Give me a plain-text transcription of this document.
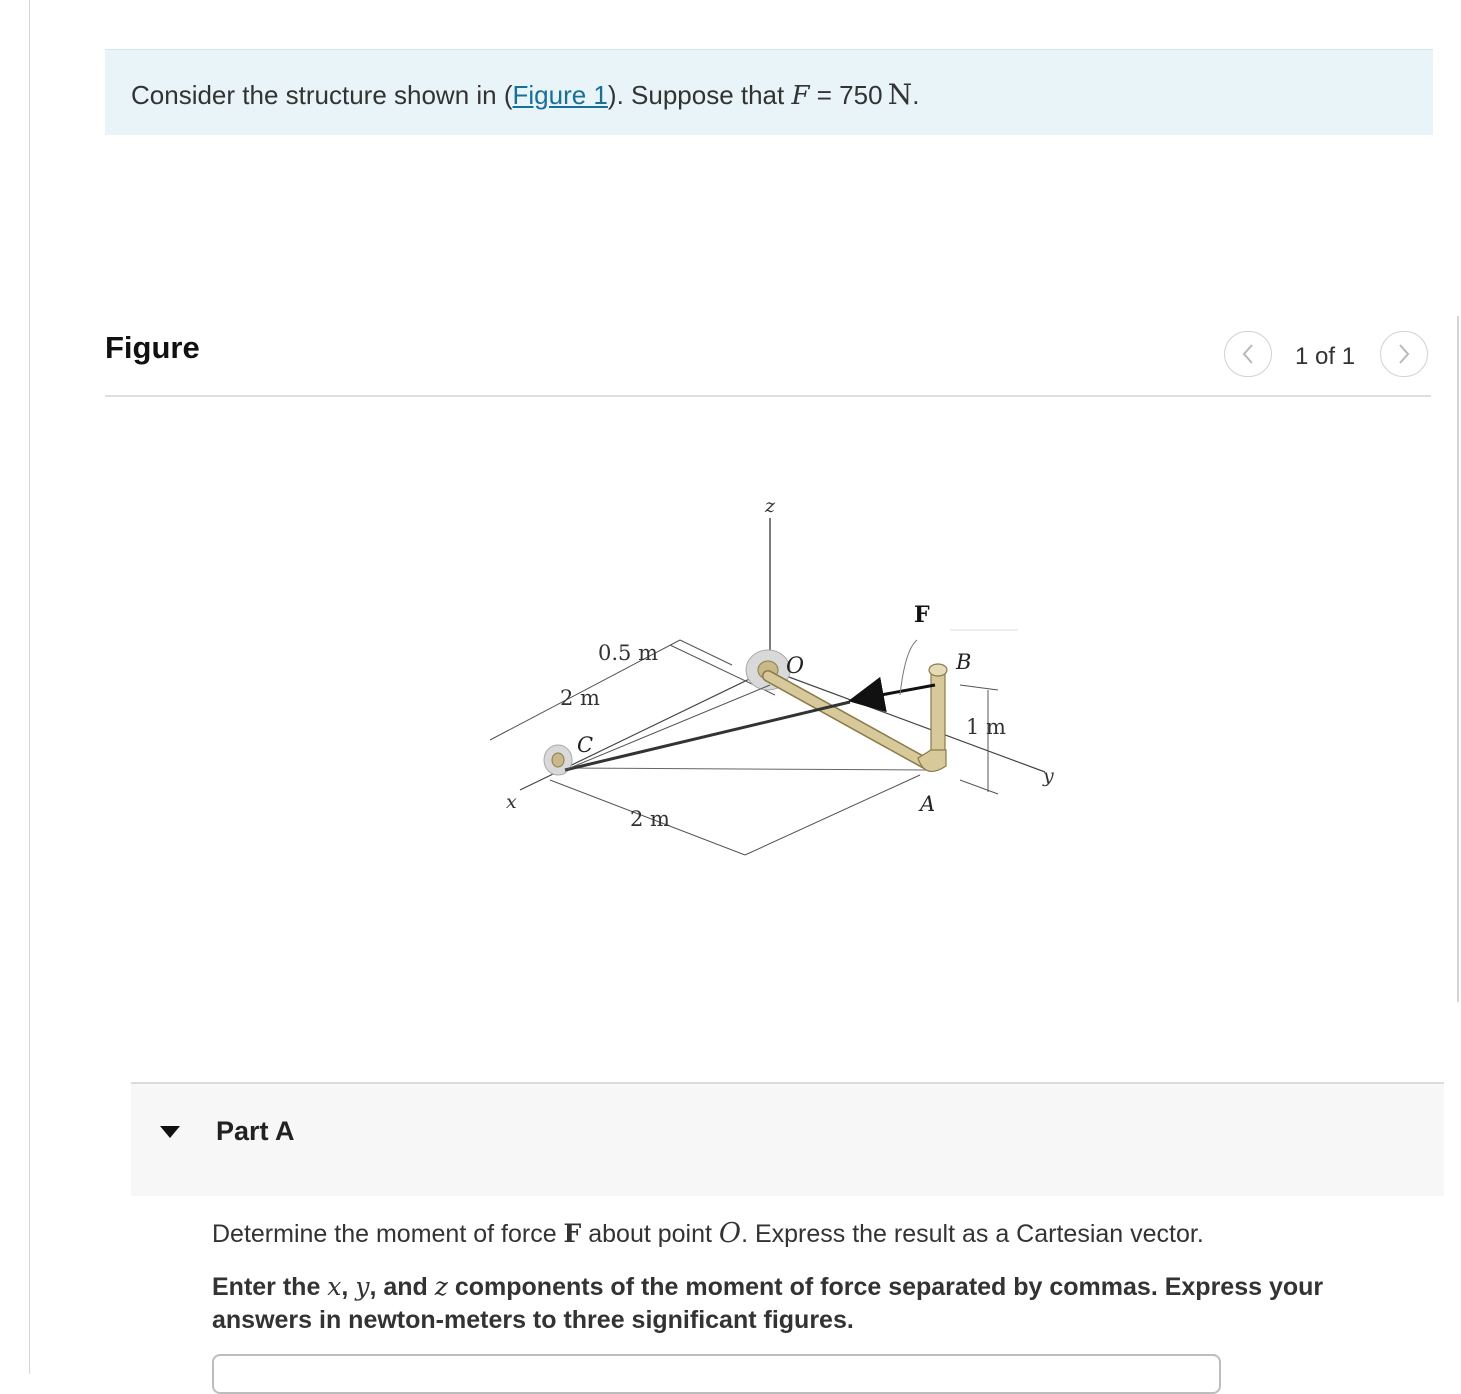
Consider the structure shown in (Figure 1). Suppose that F = 750  N.
Figure	1 of 1
z
x
y
F
O	B
C
A
0.5 m
2 m
2 m
1 m
Part A
Determine the moment of force F about point O. Express the result as a Cartesian vector.
Enter the x, y, and z components of the moment of force separated by commas. Express your answers in newton-meters to three significant figures.
